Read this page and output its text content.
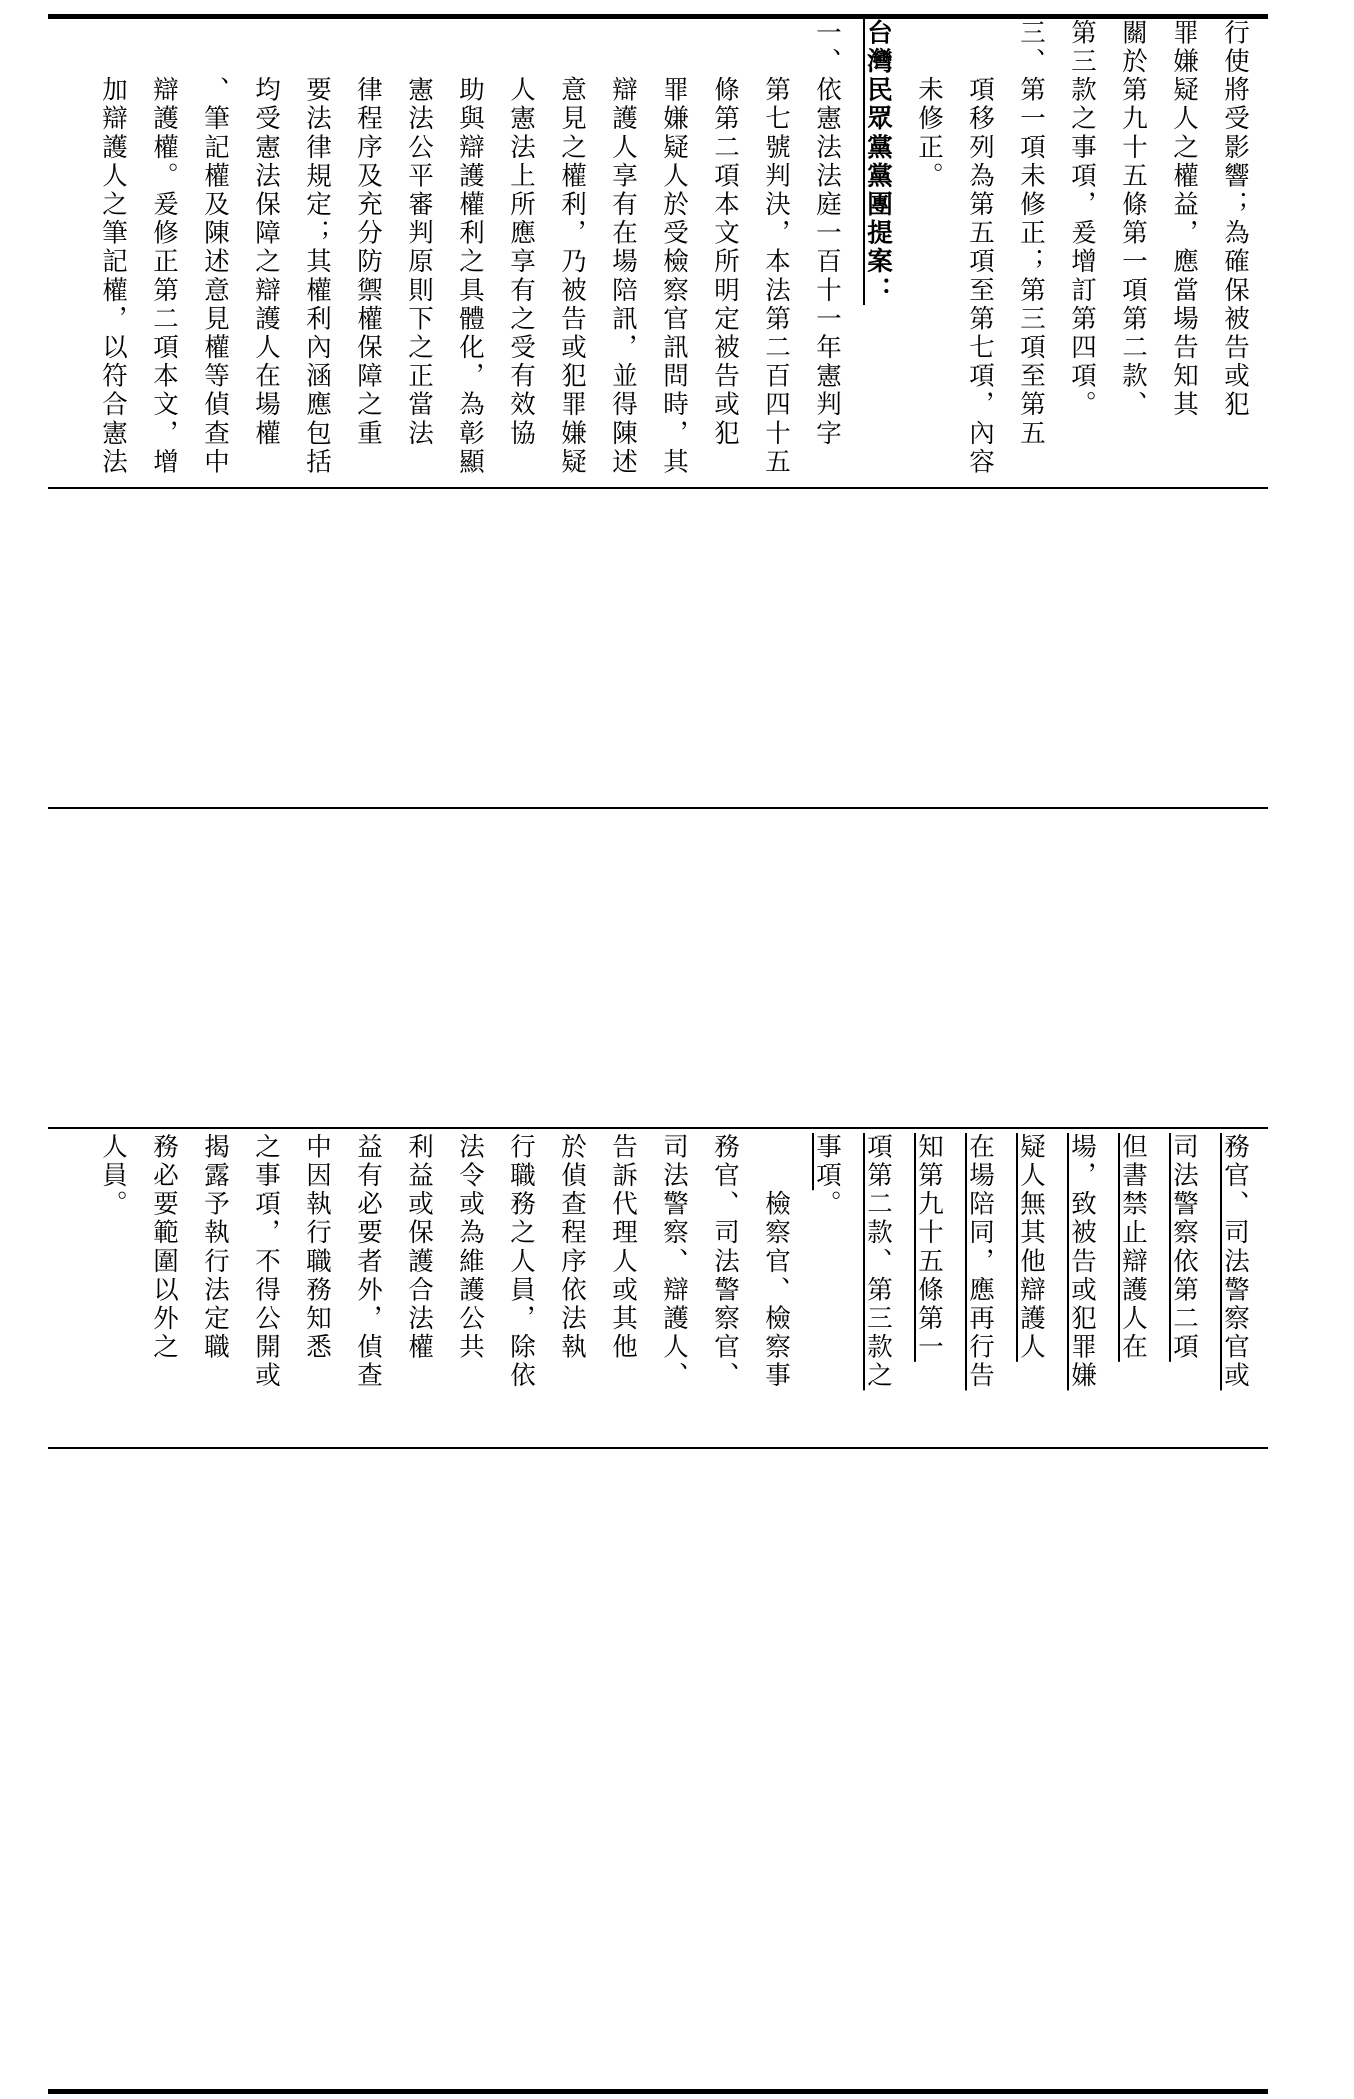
行使將受影響；為確保被告或犯
罪嫌疑人之權益，應當場告知其
關於第九十五條第一項第二款、
第三款之事項，爰增訂第四項。
三、第一項未修正；第三項至第五
　　項移列為第五項至第七項，內容
　　未修正。
台灣民眾黨黨團提案：
一、依憲法法庭一百十一年憲判字
　　第七號判決，本法第二百四十五
　　條第二項本文所明定被告或犯
　　罪嫌疑人於受檢察官訊問時，其
　　辯護人享有在場陪訊，並得陳述
　　意見之權利，乃被告或犯罪嫌疑
　　人憲法上所應享有之受有效協
　　助與辯護權利之具體化，為彰顯
　　憲法公平審判原則下之正當法
　　律程序及充分防禦權保障之重
　　要法律規定；其權利內涵應包括
　　均受憲法保障之辯護人在場權
　　、筆記權及陳述意見權等偵查中
　　辯護權。爰修正第二項本文，增
　　加辯護人之筆記權，以符合憲法
務官、司法警察官或
司法警察依第二項
但書禁止辯護人在
場，致被告或犯罪嫌
疑人無其他辯護人
在場陪同，應再行告
知第九十五條第一
項第二款、第三款之
事項。
　　檢察官、檢察事
務官、司法警察官、
司法警察、辯護人、
告訴代理人或其他
於偵查程序依法執
行職務之人員，除依
法令或為維護公共
利益或保護合法權
益有必要者外，偵查
中因執行職務知悉
之事項，不得公開或
揭露予執行法定職
務必要範圍以外之
人員。
